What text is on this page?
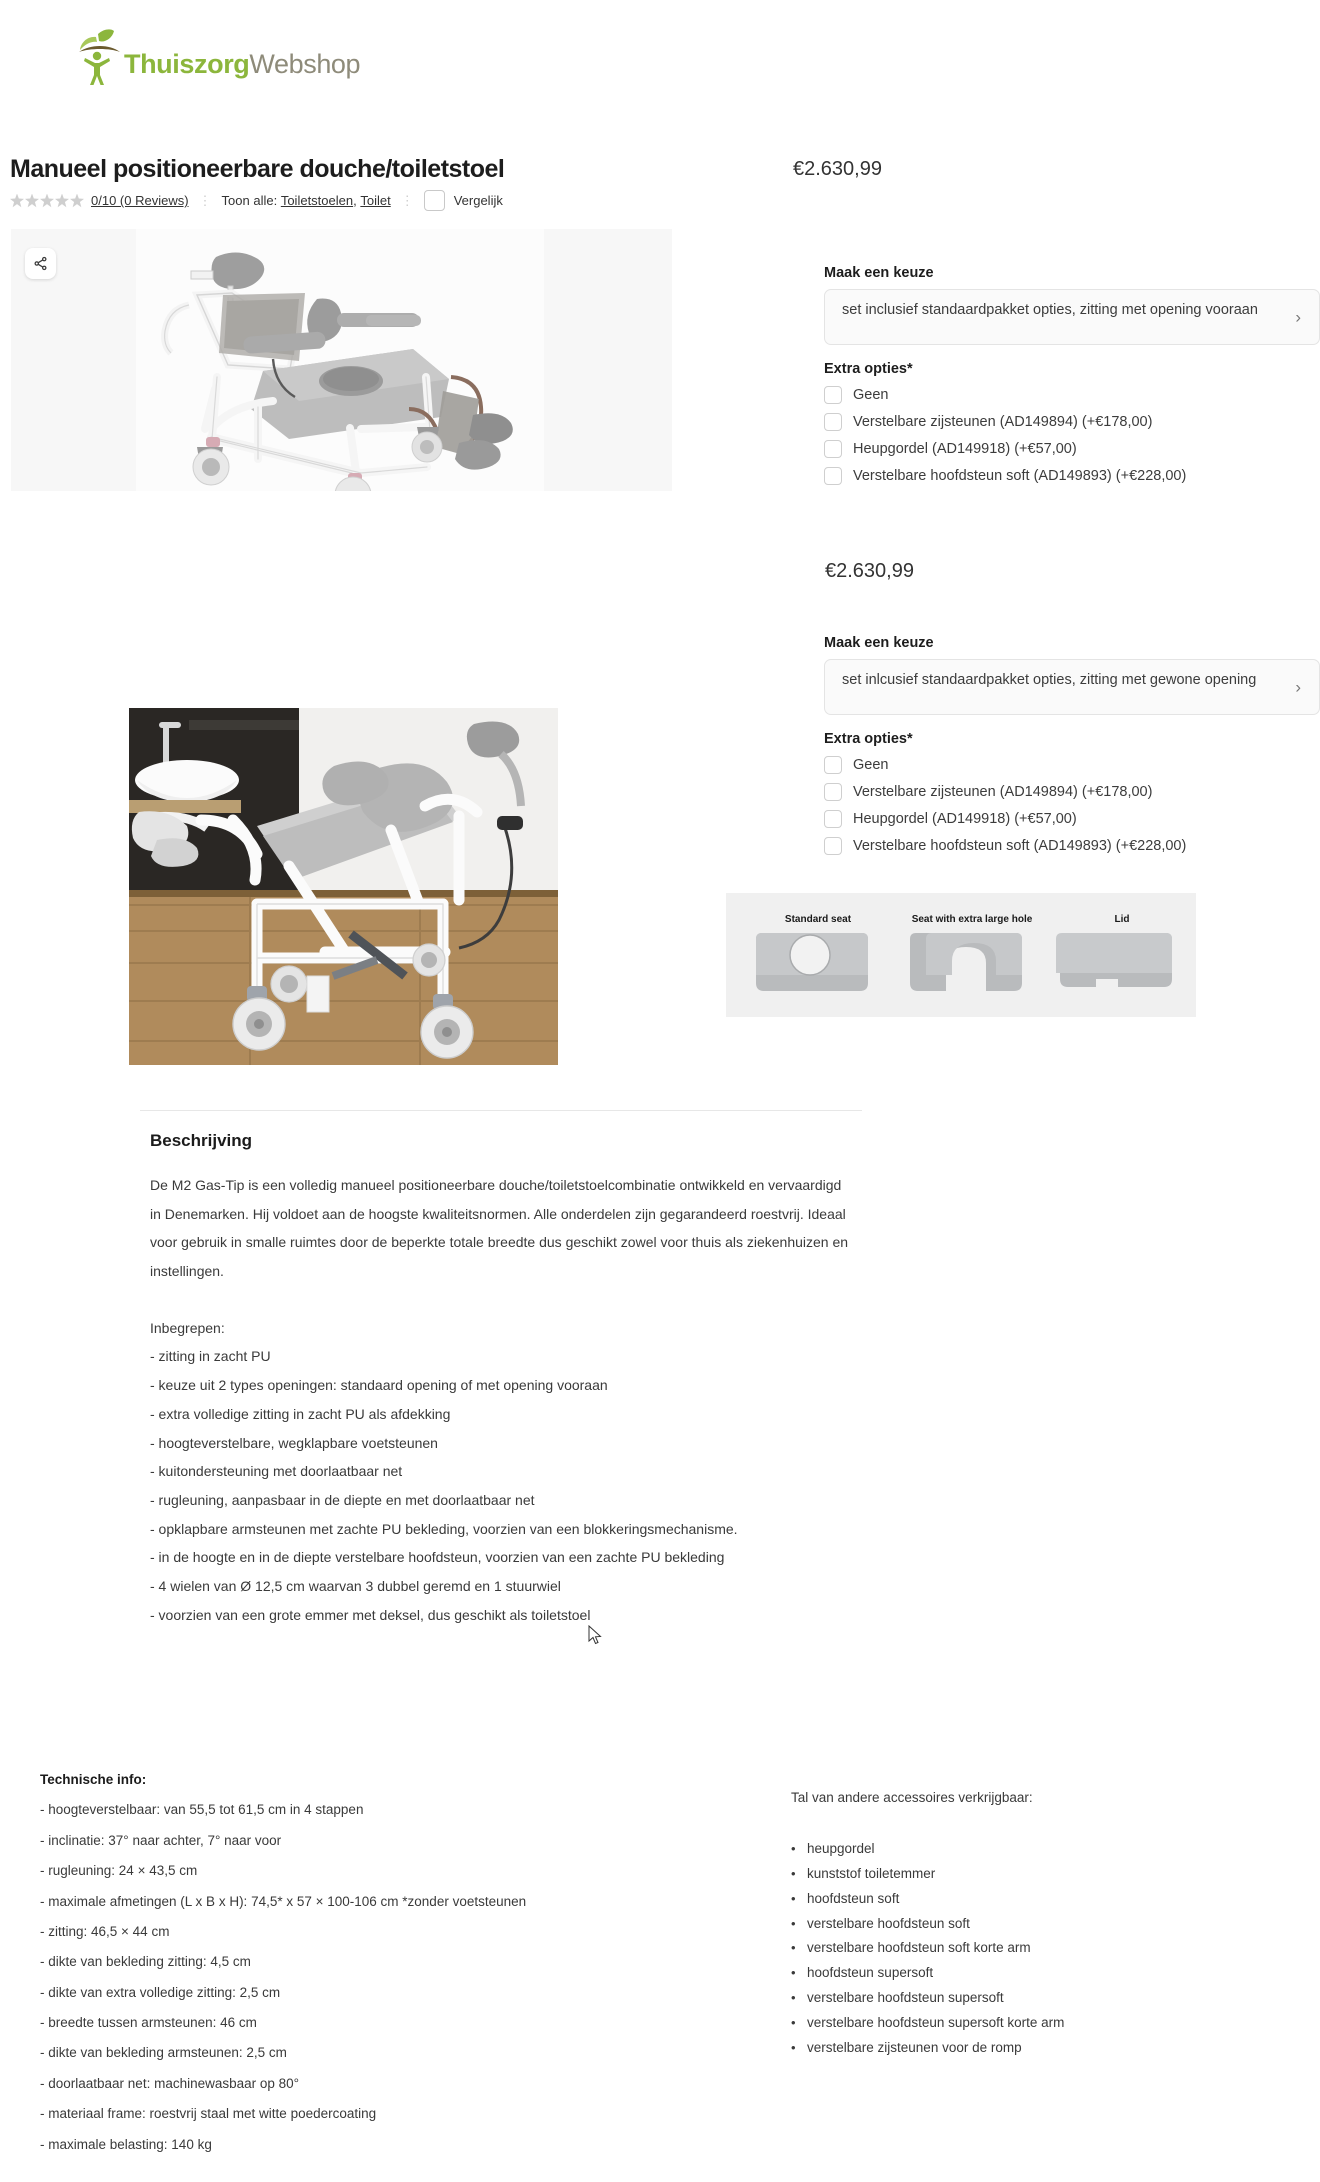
ThuiszorgWebshop
Manueel positioneerbare douche/toiletstoel
0/10 (0 Reviews) ⋮ Toon alle:
Toiletstoelen , Toilet ⋮	Vergelijk
€2.630,99
Maak een keuze
set inclusief standaardpakket opties, zitting met opening vooraan ›
Extra opties*
Geen
Verstelbare zijsteunen (AD149894) (+€178,00)
Heupgordel (AD149918) (+€57,00)
Verstelbare hoofdsteun soft (AD149893) (+€228,00)
€2.630,99
Maak een keuze
set inlcusief standaardpakket opties, zitting met gewone opening ›
Extra opties*
Geen
Verstelbare zijsteunen (AD149894) (+€178,00)
Heupgordel (AD149918) (+€57,00)
Verstelbare hoofdsteun soft (AD149893) (+€228,00)
Standard seat	Seat with extra large hole	Lid
Beschrijving

De M2 Gas-Tip is een volledig manueel positioneerbare douche/toiletstoelcombinatie ontwikkeld en vervaardigd in Denemarken. Hij voldoet aan de hoogste kwaliteitsnormen. Alle onderdelen zijn gegarandeerd roestvrij. Ideaal voor gebruik in smalle ruimtes door de beperkte totale breedte dus geschikt zowel voor thuis als ziekenhuizen en instellingen.

Inbegrepen:
- zitting in zacht PU
- keuze uit 2 types openingen: standaard opening of met opening vooraan
- extra volledige zitting in zacht PU als afdekking
- hoogteverstelbare, wegklapbare voetsteunen
- kuitondersteuning met doorlaatbaar net
- rugleuning, aanpasbaar in de diepte en met doorlaatbaar net
- opklapbare armsteunen met zachte PU bekleding, voorzien van een blokkeringsmechanisme.
- in de hoogte en in de diepte verstelbare hoofdsteun, voorzien van een zachte PU bekleding
- 4 wielen van Ø 12,5 cm waarvan 3 dubbel geremd en 1 stuurwiel
- voorzien van een grote emmer met deksel, dus geschikt als toiletstoel
Technische info:
- hoogteverstelbaar: van 55,5 tot 61,5 cm in 4 stappen
- inclinatie: 37° naar achter, 7° naar voor
- rugleuning: 24 × 43,5 cm
- maximale afmetingen (L x B x H): 74,5* x 57 × 100-106 cm *zonder voetsteunen
- zitting: 46,5 × 44 cm
- dikte van bekleding zitting: 4,5 cm
- dikte van extra volledige zitting: 2,5 cm
- breedte tussen armsteunen: 46 cm
- dikte van bekleding armsteunen: 2,5 cm
- doorlaatbaar net: machinewasbaar op 80°
- materiaal frame: roestvrij staal met witte poedercoating
- maximale belasting: 140 kg
Tal van andere accessoires verkrijgbaar:
• heupgordel
• kunststof toiletemmer
• hoofdsteun soft
• verstelbare hoofdsteun soft
• verstelbare hoofdsteun soft korte arm
• hoofdsteun supersoft
• verstelbare hoofdsteun supersoft
• verstelbare hoofdsteun supersoft korte arm
• verstelbare zijsteunen voor de romp
